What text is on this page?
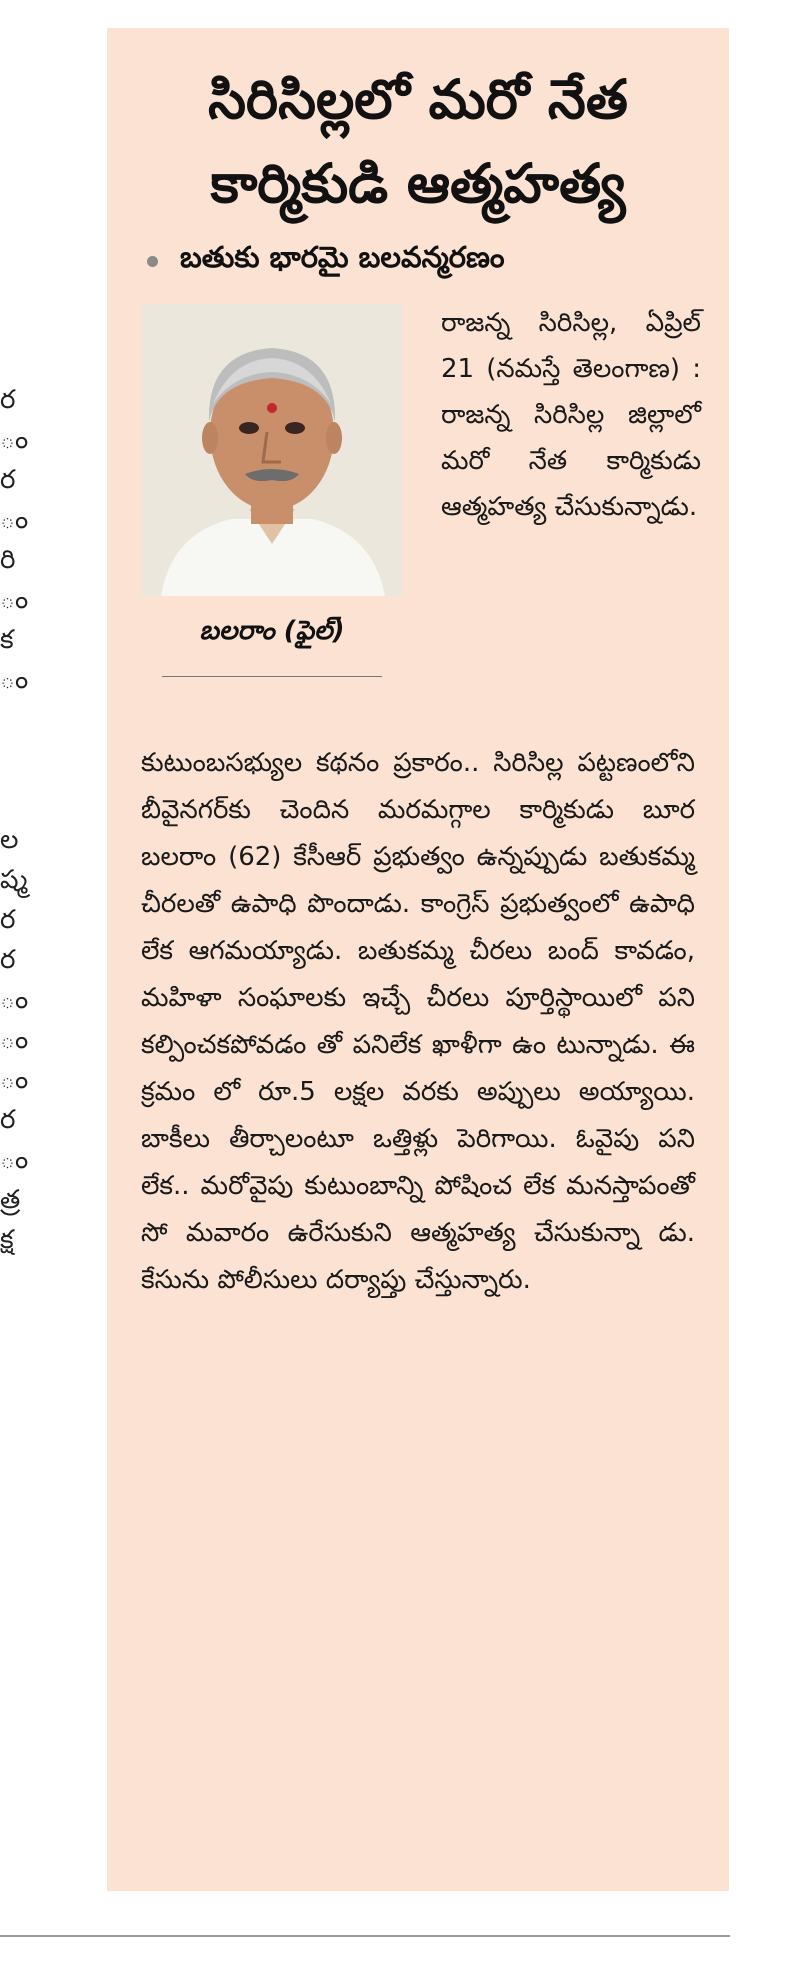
ర
ం
ర
ం
రి
ం
క
ం
ల
ష్మ
ర
ర
ం
ం
ం
ర
ం
త్ర
క్ష
సిరిసిల్లలో మరో నేత
కార్మికుడి ఆత్మహత్య
బతుకు భారమై బలవన్మరణం
బలరాం (ఫైల్)
రాజన్న సిరిసిల్ల, ఏప్రిల్ 21 (నమస్తే తెలంగాణ) : రాజన్న సిరిసిల్ల జిల్లాలో మరో నేత కార్మికుడు ఆత్మహత్య చేసుకున్నాడు.
కుటుంబసభ్యుల కథనం ప్రకారం.. సిరిసిల్ల పట్టణంలోని బీవైనగర్‌కు చెందిన మరమగ్గాల కార్మికుడు బూర బలరాం (62) కేసీఆర్ ప్రభుత్వం ఉన్నప్పుడు బతుకమ్మ చీరలతో ఉపాధి పొందాడు. కాంగ్రెస్ ప్రభుత్వంలో ఉపాధి లేక ఆగమయ్యాడు. బతుకమ్మ చీరలు బంద్ కావడం, మహిళా సంఘాలకు ఇచ్చే చీరలు పూర్తిస్థాయిలో పని కల్పించకపోవడం తో పనిలేక ఖాళీగా ఉం టున్నాడు. ఈ క్రమం లో రూ.5 లక్షల వరకు అప్పులు అయ్యాయి. బాకీలు తీర్చాలంటూ ఒత్తిళ్లు పెరిగాయి. ఓవైపు పని లేక.. మరోవైపు కుటుంబాన్ని పోషించ లేక మనస్తాపంతో సో మవారం ఉరేసుకుని ఆత్మహత్య చేసుకున్నా డు. కేసును పోలీసులు దర్యాప్తు చేస్తున్నారు.
